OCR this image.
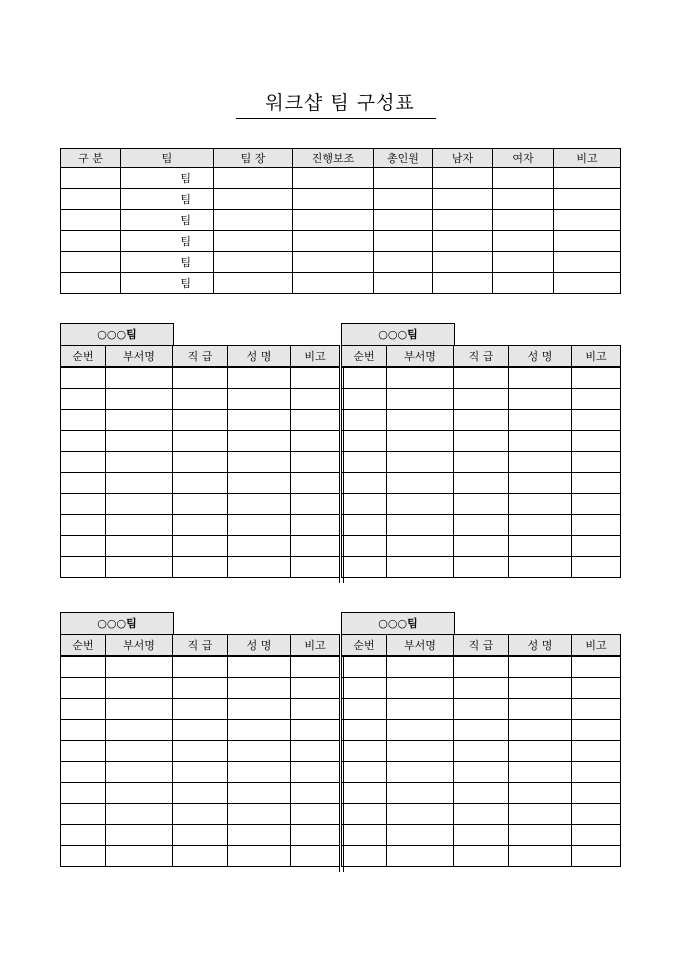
워크샵 팀 구성표
구 분	팀	팀 장	진행보조	총인원	남자	여자	비고
	팀						
	팀						
	팀						
	팀						
	팀						
	팀						
○○○팀
순번	부서명	직 급	성 명	비고

○○○팀
순번	부서명	직 급	성 명	비고

○○○팀
순번	부서명	직 급	성 명	비고

○○○팀
순번	부서명	직 급	성 명	비고
